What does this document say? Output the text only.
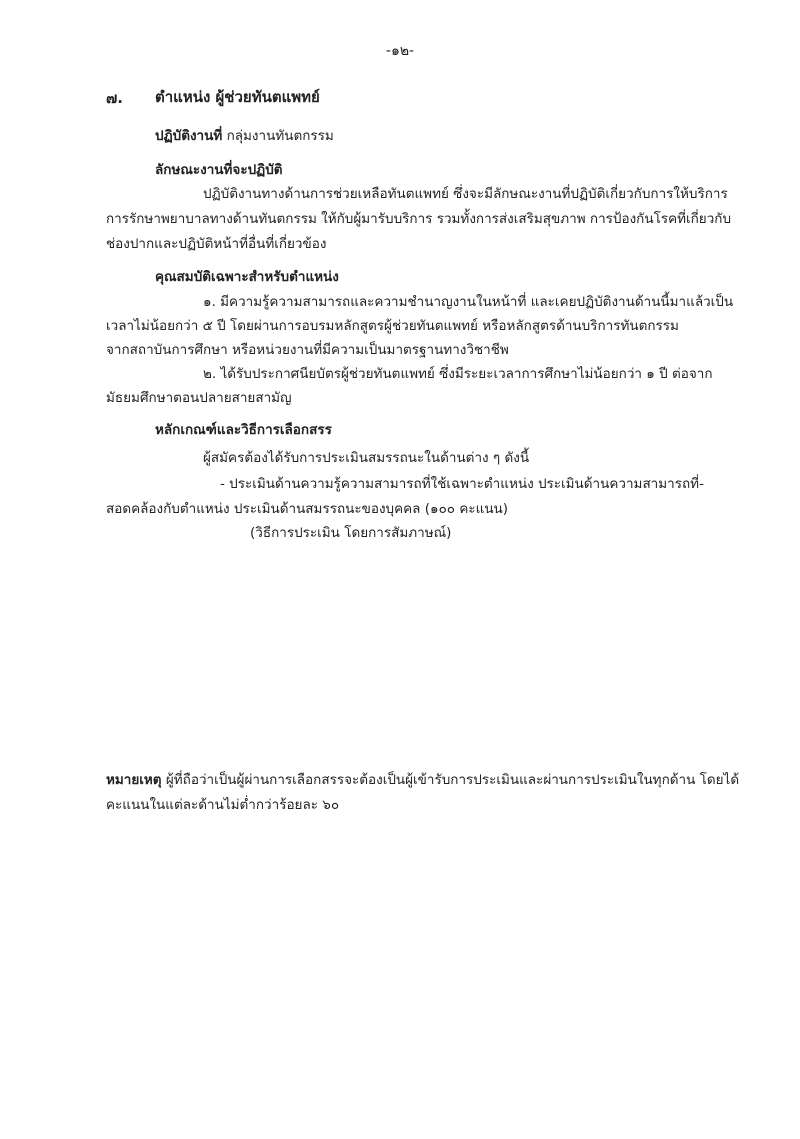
-๑๒-
๗. ตำแหน่ง ผู้ช่วยทันตแพทย์
ปฏิบัติงานที่ กลุ่มงานทันตกรรม
ลักษณะงานที่จะปฏิบัติ
ปฏิบัติงานทางด้านการช่วยเหลือทันตแพทย์ ซึ่งจะมีลักษณะงานที่ปฏิบัติเกี่ยวกับการให้บริการ
การรักษาพยาบาลทางด้านทันตกรรม ให้กับผู้มารับบริการ รวมทั้งการส่งเสริมสุขภาพ การป้องกันโรคที่เกี่ยวกับ
ช่องปากและปฏิบัติหน้าที่อื่นที่เกี่ยวข้อง
คุณสมบัติเฉพาะสำหรับตำแหน่ง
๑. มีความรู้ความสามารถและความชำนาญงานในหน้าที่ และเคยปฏิบัติงานด้านนี้มาแล้วเป็น
เวลาไม่น้อยกว่า ๕ ปี โดยผ่านการอบรมหลักสูตรผู้ช่วยทันตแพทย์ หรือหลักสูตรด้านบริการทันตกรรม
จากสถาบันการศึกษา หรือหน่วยงานที่มีความเป็นมาตรฐานทางวิชาชีพ
๒. ได้รับประกาศนียบัตรผู้ช่วยทันตแพทย์ ซึ่งมีระยะเวลาการศึกษาไม่น้อยกว่า ๑ ปี ต่อจาก
มัธยมศึกษาตอนปลายสายสามัญ
หลักเกณฑ์และวิธีการเลือกสรร
ผู้สมัครต้องได้รับการประเมินสมรรถนะในด้านต่าง ๆ ดังนี้
- ประเมินด้านความรู้ความสามารถที่ใช้เฉพาะตำแหน่ง ประเมินด้านความสามารถที่-
สอดคล้องกับตำแหน่ง ประเมินด้านสมรรถนะของบุคคล (๑๐๐ คะแนน)
(วิธีการประเมิน โดยการสัมภาษณ์)
หมายเหตุ ผู้ที่ถือว่าเป็นผู้ผ่านการเลือกสรรจะต้องเป็นผู้เข้ารับการประเมินและผ่านการประเมินในทุกด้าน โดยได้
คะแนนในแต่ละด้านไม่ต่ำกว่าร้อยละ ๖๐
